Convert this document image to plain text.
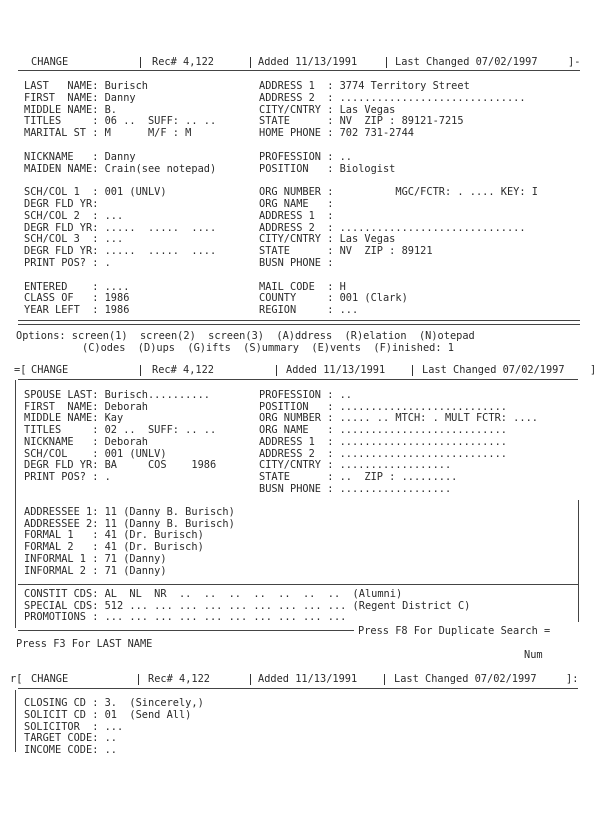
CHANGE	Rec# 4,122	Added 11/13/1991	Last Changed 07/02/1997	]-
LAST   NAME: Burisch
FIRST  NAME: Danny
MIDDLE NAME: B.
TITLES     : 06 ..  SUFF: .. ..
MARITAL ST : M      M/F : M
NICKNAME   : Danny
MAIDEN NAME: Crain(see notepad)
SCH/COL 1  : 001 (UNLV)
DEGR FLD YR:
SCH/COL 2  : ...
DEGR FLD YR: .....  .....  ....
SCH/COL 3  : ...
DEGR FLD YR: .....  .....  ....
PRINT POS? : .
ENTERED    : ....
CLASS OF   : 1986
YEAR LEFT  : 1986
ADDRESS 1  : 3774 Territory Street
ADDRESS 2  : ..............................
CITY/CNTRY : Las Vegas
STATE      : NV  ZIP : 89121-7215
HOME PHONE : 702 731-2744
PROFESSION : ..
POSITION   : Biologist
ORG NUMBER :          MGC/FCTR: . .... KEY: I
ORG NAME   :
ADDRESS 1  :
ADDRESS 2  : ..............................
CITY/CNTRY : Las Vegas
STATE      : NV  ZIP : 89121
BUSN PHONE :
MAIL CODE  : H
COUNTY     : 001 (Clark)
REGION     : ...
Options: screen(1)  screen(2)  screen(3)  (A)ddress  (R)elation  (N)otepad
(C)odes  (D)ups  (G)ifts  (S)ummary  (E)vents  (F)inished: 1
=[ CHANGE	Rec# 4,122	Added 11/13/1991	Last Changed 07/02/1997 ]
SPOUSE LAST: Burisch..........
FIRST  NAME: Deborah
MIDDLE NAME: Kay
TITLES     : 02 ..  SUFF: .. ..
NICKNAME   : Deborah
SCH/COL    : 001 (UNLV)
DEGR FLD YR: BA     COS    1986
PRINT POS? : .
ADDRESSEE 1: 11 (Danny B. Burisch)
ADDRESSEE 2: 11 (Danny B. Burisch)
FORMAL 1   : 41 (Dr. Burisch)
FORMAL 2   : 41 (Dr. Burisch)
INFORMAL 1 : 71 (Danny)
INFORMAL 2 : 71 (Danny)
CONSTIT CDS: AL  NL  NR  ..  ..  ..  ..  ..  ..  ..  (Alumni)
SPECIAL CDS: 512 ... ... ... ... ... ... ... ... ... (Regent District C)
PROMOTIONS : ... ... ... ... ... ... ... ... ... ...
PROFESSION : ..
POSITION   : ...........................
ORG NUMBER : ..... .. MTCH: . MULT FCTR: ....
ORG NAME   : ...........................
ADDRESS 1  : ...........................
ADDRESS 2  : ...........................
CITY/CNTRY : ..................
STATE      : ..  ZIP : .........
BUSN PHONE : ..................
Press F8 For Duplicate Search =
Press F3 For LAST NAME
Num
r[ CHANGE	Rec# 4,122	Added 11/13/1991	Last Changed 07/02/1997	]:
CLOSING CD : 3.  (Sincerely,)
SOLICIT CD : 01  (Send All)
SOLICITOR  : ...
TARGET CODE: ..
INCOME CODE: ..
